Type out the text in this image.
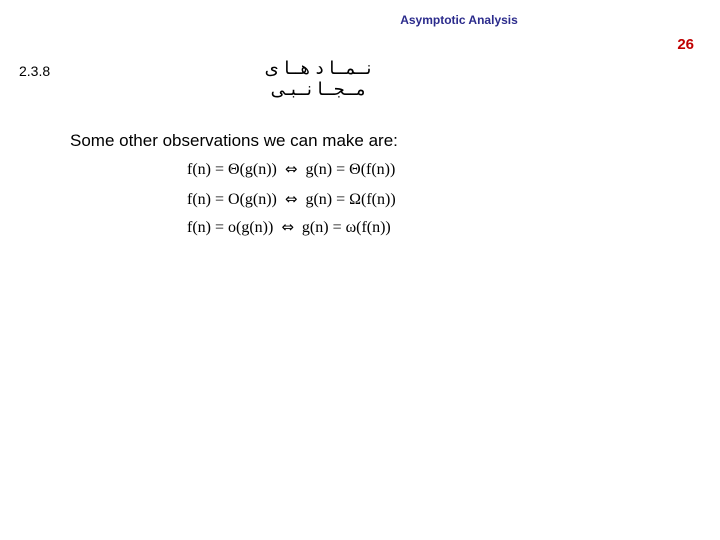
Asymptotic Analysis
26
2.3.8	ﻧــﻤــﺎ ﺩ ﻫــﺎ ی ﻣــﺠــﺎ ﻧــﺒـی
Some other observations we can make are:
f(n) = Θ(g(n)) ⇔ g(n) = Θ(f(n))
f(n) = O(g(n)) ⇔ g(n) = Ω(f(n))
f(n) = o(g(n)) ⇔ g(n) = ω(f(n))
